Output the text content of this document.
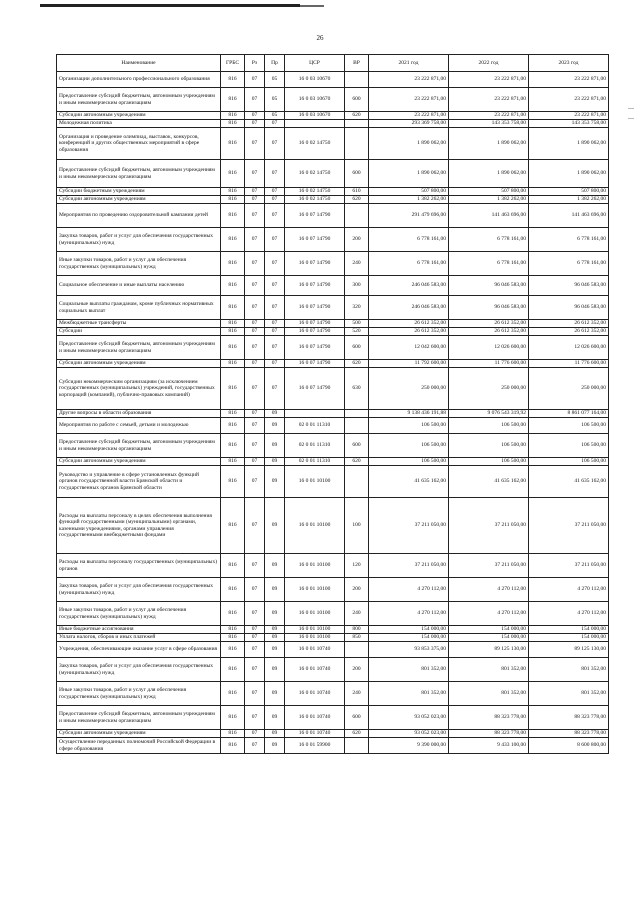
26
Наименование	ГРБС	Рз	Пр	ЦСР	ВР	2021 год	2022 год	2023 год
Организации дополнительного профессионального образования	816	07	05	16 0 03 10670		23 222 871,00	23 222 871,00	23 222 871,00
Предоставление субсидий бюджетным, автономным учреждениям и иным некоммерческим организациям	816	07	05	16 0 03 10670	600	23 222 871,00	23 222 871,00	23 222 871,00
Субсидии автономным учреждениям	816	07	05	16 0 03 10670	620	23 222 871,00	23 222 871,00	23 222 871,00
Молодежная политика	816	07	07			293 369 758,00	143 353 758,00	143 353 758,00
Организация и проведение олимпиад, выставок, конкурсов, конференций и других общественных мероприятий в сфере образования	816	07	07	16 0 02 14750		1 890 062,00	1 890 062,00	1 890 062,00
Предоставление субсидий бюджетным, автономным учреждениям и иным некоммерческим организациям	816	07	07	16 0 02 14750	600	1 890 062,00	1 890 062,00	1 890 062,00
Субсидии бюджетным учреждениям	816	07	07	16 0 02 14750	610	507 800,00	507 800,00	507 800,00
Субсидии автономным учреждениям	816	07	07	16 0 02 14750	620	1 382 262,00	1 382 262,00	1 382 262,00
Мероприятия по проведению оздоровительной кампании детей	816	07	07	16 0 07 14790		291 479 696,00	141 463 696,00	141 463 696,00
Закупка товаров, работ и услуг для обеспечения государственных (муниципальных) нужд	816	07	07	16 0 07 14790	200	6 778 161,00	6 778 161,00	6 778 161,00
Иные закупки товаров, работ и услуг для обеспечения государственных (муниципальных) нужд	816	07	07	16 0 07 14790	240	6 778 161,00	6 778 161,00	6 778 161,00
Социальное обеспечение и иные выплаты населению	816	07	07	16 0 07 14790	300	246 046 583,00	96 046 583,00	96 046 583,00
Социальные выплаты гражданам, кроме публичных нормативных социальных выплат	816	07	07	16 0 07 14790	320	246 046 583,00	96 046 583,00	96 046 583,00
Межбюджетные трансферты	816	07	07	16 0 07 14790	500	26 612 352,00	26 612 352,00	26 612 352,00
Субсидии	816	07	07	16 0 07 14790	520	26 612 352,00	26 612 352,00	26 612 352,00
Предоставление субсидий бюджетным, автономным учреждениям и иным некоммерческим организациям	816	07	07	16 0 07 14790	600	12 042 600,00	12 026 600,00	12 026 600,00
Субсидии автономным учреждениям	816	07	07	16 0 07 14790	620	11 792 600,00	11 776 600,00	11 776 600,00
Субсидии некоммерческим организациям (за исключением государственных (муниципальных) учреждений, государственных корпораций (компаний), публично-правовых компаний)	816	07	07	16 0 07 14790	630	250 000,00	250 000,00	250 000,00
Другие вопросы в области образования	816	07	09			9 138 436 191,88	9 076 543 319,92	8 861 077 164,00
Мероприятия по работе с семьей, детьми и молодежью	816	07	09	02 0 01 11310		106 500,00	106 500,00	106 500,00
Предоставление субсидий бюджетным, автономным учреждениям и иным некоммерческим организациям	816	07	09	02 0 01 11310	600	106 500,00	106 500,00	106 500,00
Субсидии автономным учреждениям	816	07	09	02 0 01 11310	620	106 500,00	106 500,00	106 500,00
Руководство и управление в сфере установленных функций органов государственной власти Брянской области и государственных органов Брянской области	816	07	09	16 0 01 10100		41 635 162,00	41 635 162,00	41 635 162,00
Расходы на выплаты персоналу в целях обеспечения выполнения функций государственными (муниципальными) органами, казенными учреждениями, органами управления государственными внебюджетными фондами	816	07	09	16 0 01 10100	100	37 211 050,00	37 211 050,00	37 211 050,00
Расходы на выплаты персоналу государственных (муниципальных) органов	816	07	09	16 0 01 10100	120	37 211 050,00	37 211 050,00	37 211 050,00
Закупка товаров, работ и услуг для обеспечения государственных (муниципальных) нужд	816	07	09	16 0 01 10100	200	4 270 112,00	4 270 112,00	4 270 112,00
Иные закупки товаров, работ и услуг для обеспечения государственных (муниципальных) нужд	816	07	09	16 0 01 10100	240	4 270 112,00	4 270 112,00	4 270 112,00
Иные бюджетные ассигнования	816	07	09	16 0 01 10100	800	154 000,00	154 000,00	154 000,00
Уплата налогов, сборов и иных платежей	816	07	09	16 0 01 10100	850	154 000,00	154 000,00	154 000,00
Учреждения, обеспечивающие оказание услуг в сфере образования	816	07	09	16 0 01 10740		93 853 375,00	89 125 130,00	89 125 130,00
Закупка товаров, работ и услуг для обеспечения государственных (муниципальных) нужд	816	07	09	16 0 01 10740	200	801 352,00	801 352,00	801 352,00
Иные закупки товаров, работ и услуг для обеспечения государственных (муниципальных) нужд	816	07	09	16 0 01 10740	240	801 352,00	801 352,00	801 352,00
Предоставление субсидий бюджетным, автономным учреждениям и иным некоммерческим организациям	816	07	09	16 0 01 10740	600	93 052 023,00	88 323 778,00	88 323 778,00
Субсидии автономным учреждениям	816	07	09	16 0 01 10740	620	93 052 023,00	88 323 778,00	88 323 778,00
Осуществление переданных полномочий Российской Федерации в сфере образования	816	07	09	16 0 01 59900		9 390 000,00	9 433 100,00	8 600 800,00
